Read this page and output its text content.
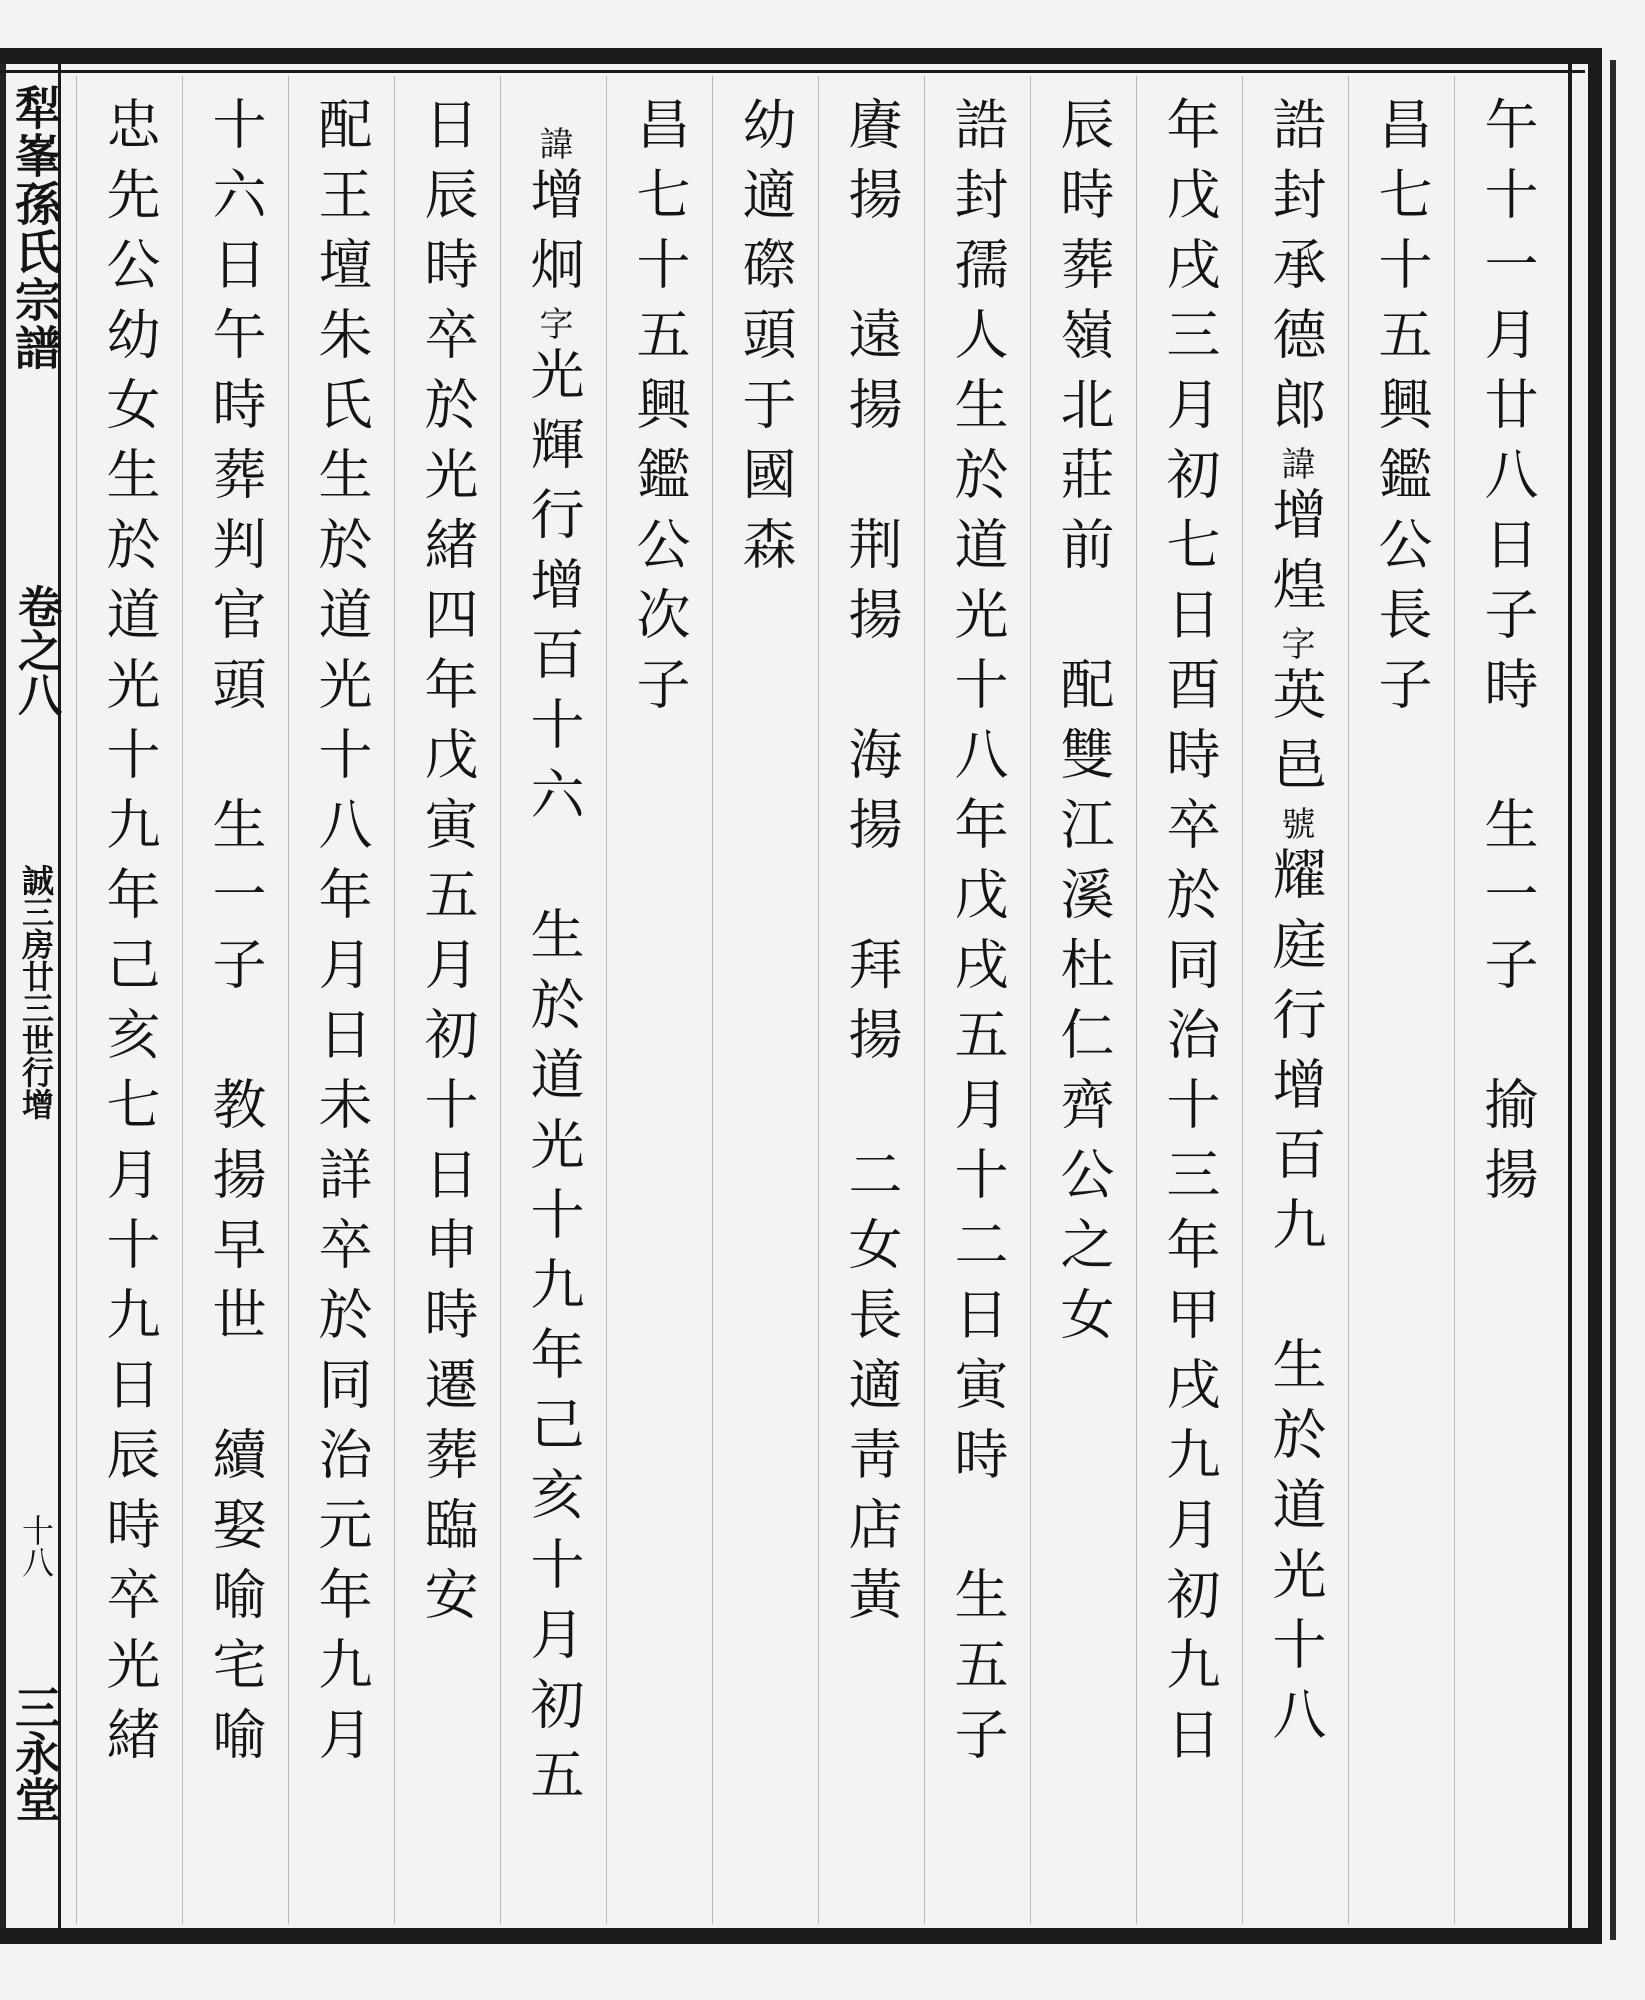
犁峯孫氏宗譜
卷之八
誠三房廿三世行增
十八
三永堂
午十一月廿八日子時　生一子　揄揚
昌七十五興鑑公長子
誥封承德郎諱增煌字英邑號耀庭行增百九　生於道光十八
年戊戌三月初七日酉時卒於同治十三年甲戌九月初九日
辰時葬嶺北莊前　配雙江溪杜仁齊公之女
誥封孺人生於道光十八年戊戌五月十二日寅時　生五子
賡揚　遠揚　荆揚　海揚　拜揚　二女長適靑店黃
幼適磜頭于國森
昌七十五興鑑公次子
諱增炯字光輝行增百十六　生於道光十九年己亥十月初五
日辰時卒於光緒四年戊寅五月初十日申時遷葬臨安
配王壇朱氏生於道光十八年月日未詳卒於同治元年九月
十六日午時葬判官頭　生一子　教揚早世　續娶喻宅喻
忠先公幼女生於道光十九年己亥七月十九日辰時卒光緒
